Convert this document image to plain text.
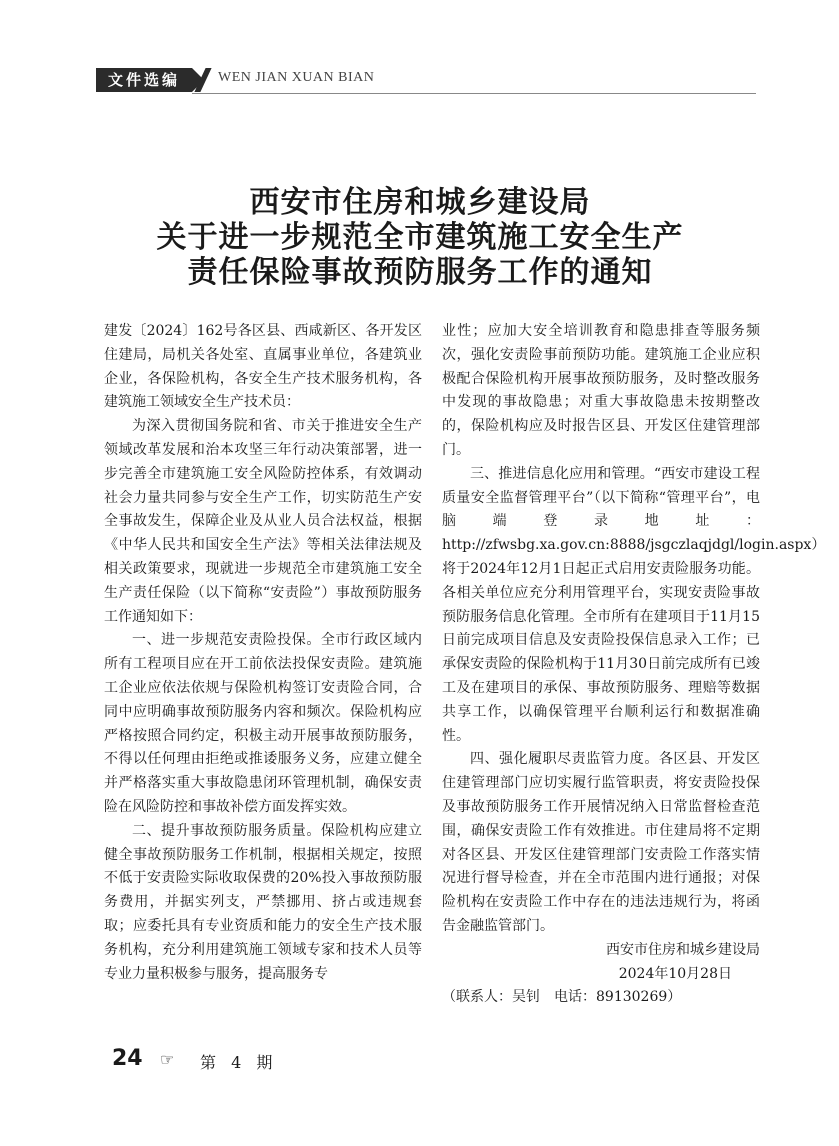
文件选编	WEN JIAN XUAN BIAN
西安市住房和城乡建设局
关于进一步规范全市建筑施工安全生产
责任保险事故预防服务工作的通知

建发〔2024〕162号各区县、西咸新区、各开发区住建局，局机关各处室、直属事业单位，各建筑业企业，各保险机构，各安全生产技术服务机构，各建筑施工领域安全生产技术员：

为深入贯彻国务院和省、市关于推进安全生产领域改革发展和治本攻坚三年行动决策部署，进一步完善全市建筑施工安全风险防控体系，有效调动社会力量共同参与安全生产工作，切实防范生产安全事故发生，保障企业及从业人员合法权益，根据《中华人民共和国安全生产法》等相关法律法规及相关政策要求，现就进一步规范全市建筑施工安全生产责任保险（以下简称“安责险”）事故预防服务工作通知如下：

一、进一步规范安责险投保。全市行政区域内所有工程项目应在开工前依法投保安责险。建筑施工企业应依法依规与保险机构签订安责险合同，合同中应明确事故预防服务内容和频次。保险机构应严格按照合同约定，积极主动开展事故预防服务，不得以任何理由拒绝或推诿服务义务，应建立健全并严格落实重大事故隐患闭环管理机制，确保安责险在风险防控和事故补偿方面发挥实效。

二、提升事故预防服务质量。保险机构应建立健全事故预防服务工作机制，根据相关规定，按照不低于安责险实际收取保费的20%投入事故预防服务费用，并据实列支，严禁挪用、挤占或违规套取；应委托具有专业资质和能力的安全生产技术服务机构，充分利用建筑施工领域专家和技术人员等专业力量积极参与服务，提高服务专

业性；应加大安全培训教育和隐患排查等服务频次，强化安责险事前预防功能。建筑施工企业应积极配合保险机构开展事故预防服务，及时整改服务中发现的事故隐患；对重大事故隐患未按期整改的，保险机构应及时报告区县、开发区住建管理部门。

三、推进信息化应用和管理。“西安市建设工程质量安全监督管理平台”（以下简称“管理平台”，电脑端登录地址：http://zfwsbg.xa.gov.cn:8888/jsgczlaqjdgl/login.aspx）将于2024年12月1日起正式启用安责险服务功能。各相关单位应充分利用管理平台，实现安责险事故预防服务信息化管理。全市所有在建项目于11月15日前完成项目信息及安责险投保信息录入工作；已承保安责险的保险机构于11月30日前完成所有已竣工及在建项目的承保、事故预防服务、理赔等数据共享工作，以确保管理平台顺利运行和数据准确性。

四、强化履职尽责监管力度。各区县、开发区住建管理部门应切实履行监管职责，将安责险投保及事故预防服务工作开展情况纳入日常监督检查范围，确保安责险工作有效推进。市住建局将不定期对各区县、开发区住建管理部门安责险工作落实情况进行督导检查，并在全市范围内进行通报；对保险机构在安责险工作中存在的违法违规行为，将函告金融监管部门。

西安市住房和城乡建设局

2024年10月28日

（联系人：吴钊　电话：89130269）

24 ☞ 第 4 期
